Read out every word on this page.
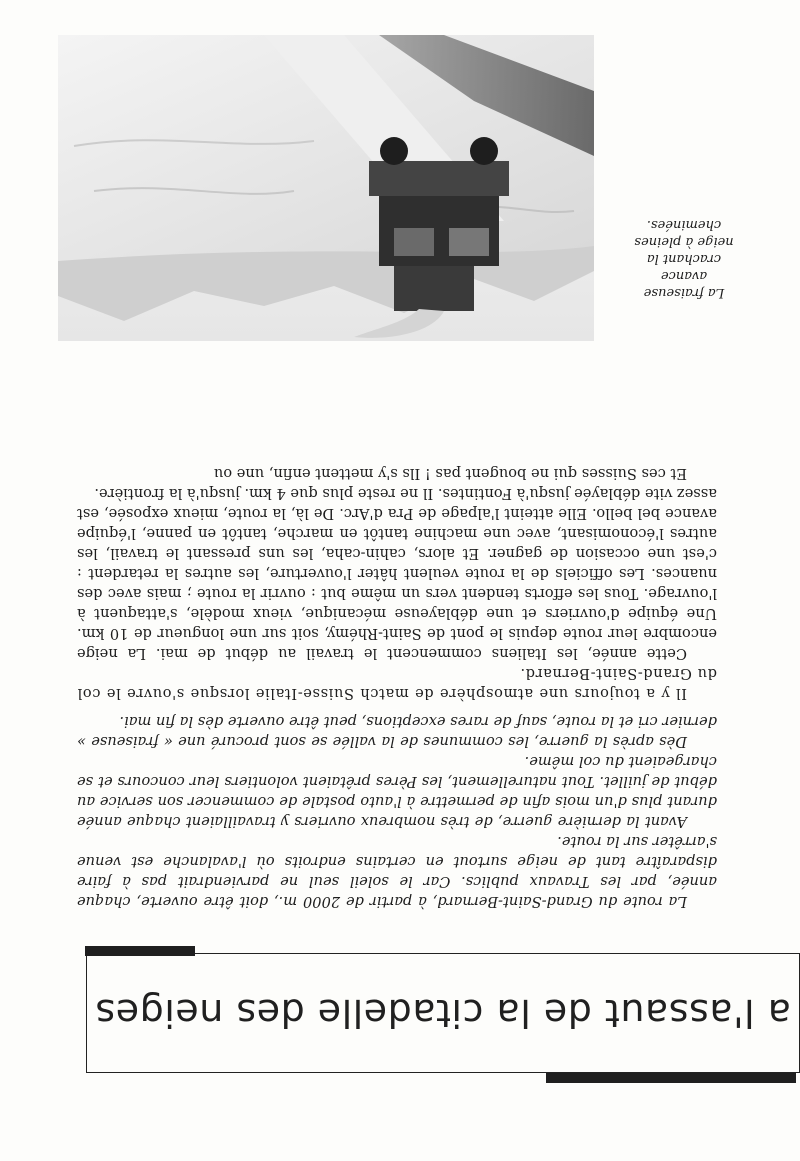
a l'assaut de la citadelle des neiges

La route du Grand-Saint-Bernard, à partir de 2000 m., doit être ouverte, chaque année, par les Travaux publics. Car le soleil seul ne parviendrait pas à faire disparaître tant de neige surtout en certains endroits où l'avalanche est venue s'arrêter sur la route.

Avant la dernière guerre, de très nombreux ouvriers y travaillaient chaque année durant plus d'un mois afin de permettre à l'auto postale de commencer son service au début de juillet. Tout naturellement, les Pères prêtaient volontiers leur concours et se chargeaient du col même.

Dès après la guerre, les communes de la vallée se sont procuré une « fraiseuse » dernier cri et la route, sauf de rares exceptions, peut être ouverte dès la fin mai.

Il y a toujours une atmosphère de match Suisse-Italie lorsque s'ouvre le col du Grand-Saint-Bernard.

Cette année, les Italiens commencent le travail au début de mai. La neige encombre leur route depuis le pont de Saint-Rhémy, soit sur une longueur de 10 km. Une équipe d'ouvriers et une déblayeuse mécanique, vieux modèle, s'attaquent à l'ouvrage. Tous les efforts tendent vers un même but : ouvrir la route ; mais avec des nuances. Les officiels de la route veulent hâter l'ouverture, les autres la retardent : c'est une occasion de gagner. Et alors, cahin-caha, les uns pressant le travail, les autres l'économisant, avec une machine tantôt en marche, tantôt en panne, l'équipe avance bel bello. Elle atteint l'alpage de Pra d'Arc. De là, la route, mieux exposée, est assez vite déblayée jusqu'à Fontintes. Il ne reste plus que 4 km. jusqu'à la frontière.

Et ces Suisses qui ne bougent pas ! Ils s'y mettent enfin, une ou

La fraiseuse
avance
crachant la
neige à pleines
cheminées.
